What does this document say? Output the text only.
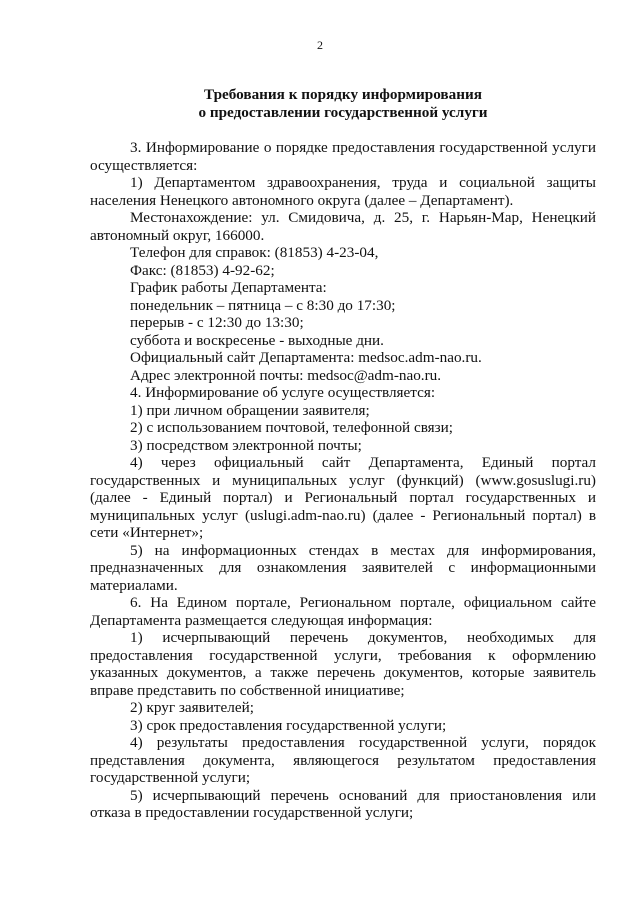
2
Требования к порядку информирования
о предоставлении государственной услуги

3. Информирование о порядке предоставления государственной услуги осуществляется:

1) Департаментом здравоохранения, труда и социальной защиты населения Ненецкого автономного округа (далее – Департамент).

Местонахождение: ул. Смидовича, д. 25, г. Нарьян-Мар, Ненецкий автономный округ, 166000.

Телефон для справок: (81853) 4-23-04,

Факс: (81853) 4-92-62;

График работы Департамента:

понедельник – пятница – с 8:30 до 17:30;

перерыв - с 12:30 до 13:30;

суббота и воскресенье - выходные дни.

Официальный сайт Департамента: medsoc.adm-nao.ru.

Адрес электронной почты: medsoc@adm-nao.ru.

4. Информирование об услуге осуществляется:

1) при личном обращении заявителя;

2) с использованием почтовой, телефонной связи;

3) посредством электронной почты;

4) через официальный сайт Департамента, Единый портал государственных и муниципальных услуг (функций) (www.gosuslugi.ru) (далее - Единый портал) и Региональный портал государственных и муниципальных услуг (uslugi.adm-nao.ru) (далее - Региональный портал) в сети «Интернет»;

5) на информационных стендах в местах для информирования, предназначенных для ознакомления заявителей с информационными материалами.

6. На Едином портале, Региональном портале, официальном сайте Департамента размещается следующая информация:

1) исчерпывающий перечень документов, необходимых для предоставления государственной услуги, требования к оформлению указанных документов, а также перечень документов, которые заявитель вправе представить по собственной инициативе;

2) круг заявителей;

3) срок предоставления государственной услуги;

4) результаты предоставления государственной услуги, порядок представления документа, являющегося результатом предоставления государственной услуги;

5) исчерпывающий перечень оснований для приостановления или отказа в предоставлении государственной услуги;
